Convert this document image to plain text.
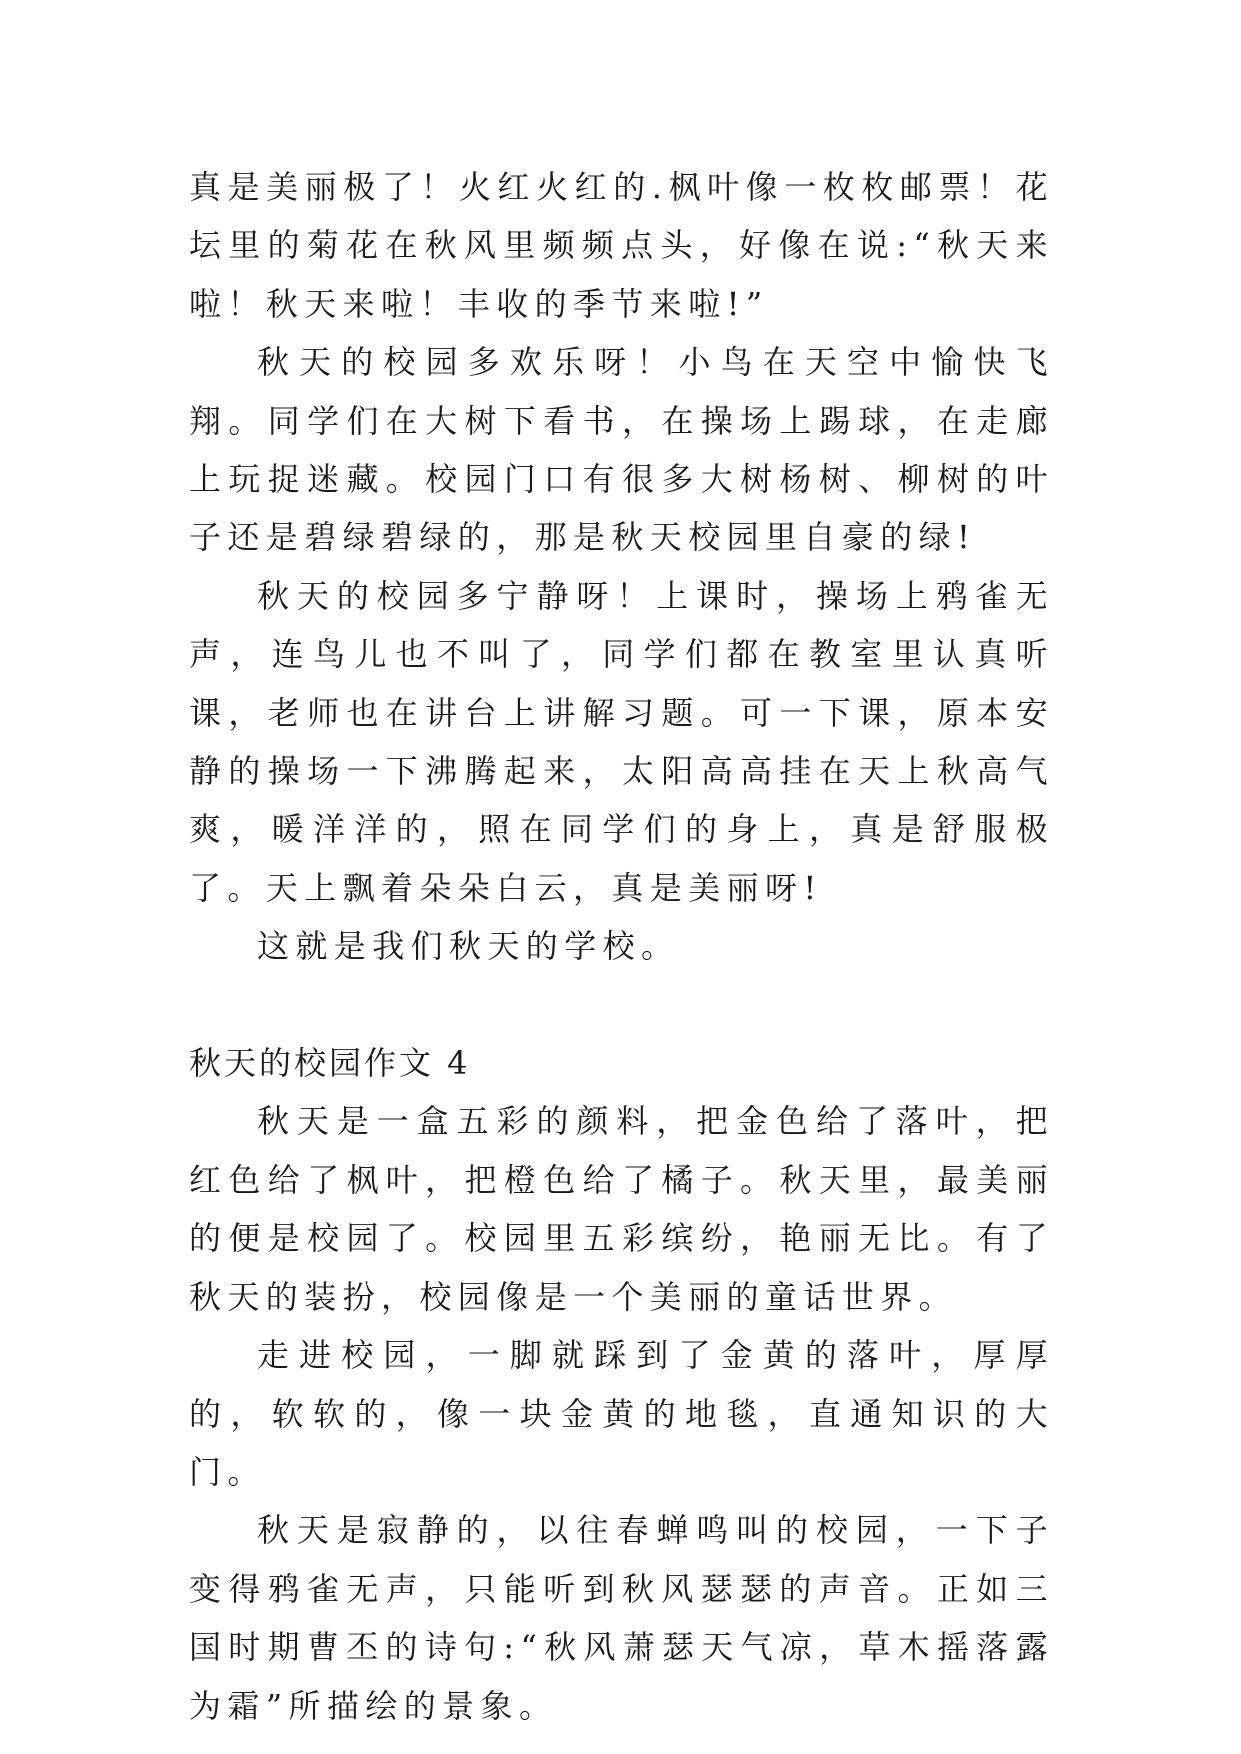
真是美丽极了！火红火红的.枫叶像一枚枚邮票！花坛里的菊花在秋风里频频点头，好像在说:“秋天来啦！秋天来啦！丰收的季节来啦!”

秋天的校园多欢乐呀！小鸟在天空中愉快飞翔。同学们在大树下看书，在操场上踢球，在走廊上玩捉迷藏。校园门口有很多大树杨树、柳树的叶子还是碧绿碧绿的，那是秋天校园里自豪的绿!

秋天的校园多宁静呀！上课时，操场上鸦雀无声，连鸟儿也不叫了，同学们都在教室里认真听课，老师也在讲台上讲解习题。可一下课，原本安静的操场一下沸腾起来，太阳高高挂在天上秋高气爽，暖洋洋的，照在同学们的身上，真是舒服极了。天上飘着朵朵白云，真是美丽呀!

这就是我们秋天的学校。

秋天的校园作文 4

秋天是一盒五彩的颜料，把金色给了落叶，把红色给了枫叶，把橙色给了橘子。秋天里，最美丽的便是校园了。校园里五彩缤纷，艳丽无比。有了秋天的装扮，校园像是一个美丽的童话世界。

走进校园，一脚就踩到了金黄的落叶，厚厚的，软软的，像一块金黄的地毯，直通知识的大门。

秋天是寂静的，以往春蝉鸣叫的校园，一下子变得鸦雀无声，只能听到秋风瑟瑟的声音。正如三国时期曹丕的诗句:“秋风萧瑟天气凉，草木摇落露为霜”所描绘的景象。
